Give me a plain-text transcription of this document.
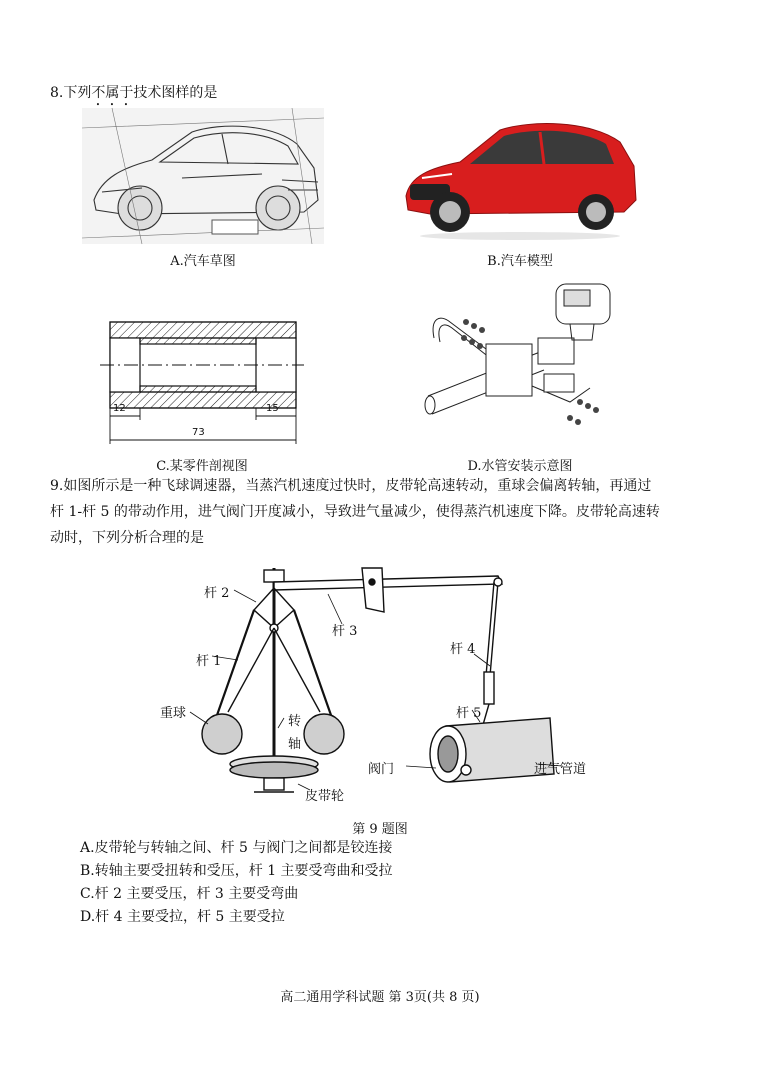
8.下列不属于技术图样的是
A.汽车草图	B.汽车模型
12	15
73
C.某零件剖视图	D.水管安装示意图
9.如图所示是一种飞球调速器，当蒸汽机速度过快时，皮带轮高速转动，重球会偏离转轴，再通过
杆 1-杆 5 的带动作用，进气阀门开度减小，导致进气量减少，使得蒸汽机速度下降。皮带轮高速转
动时，下列分析合理的是
杆 2
杆 3
杆 1
杆 4
重球
转
轴
杆 5
阀门	进气管道
皮带轮
第 9 题图
A.皮带轮与转轴之间、杆 5 与阀门之间都是铰连接
B.转轴主要受扭转和受压，杆 1 主要受弯曲和受拉
C.杆 2 主要受压，杆 3 主要受弯曲
D.杆 4 主要受拉，杆 5 主要受拉
高二通用学科试题 第 3页(共 8 页)
